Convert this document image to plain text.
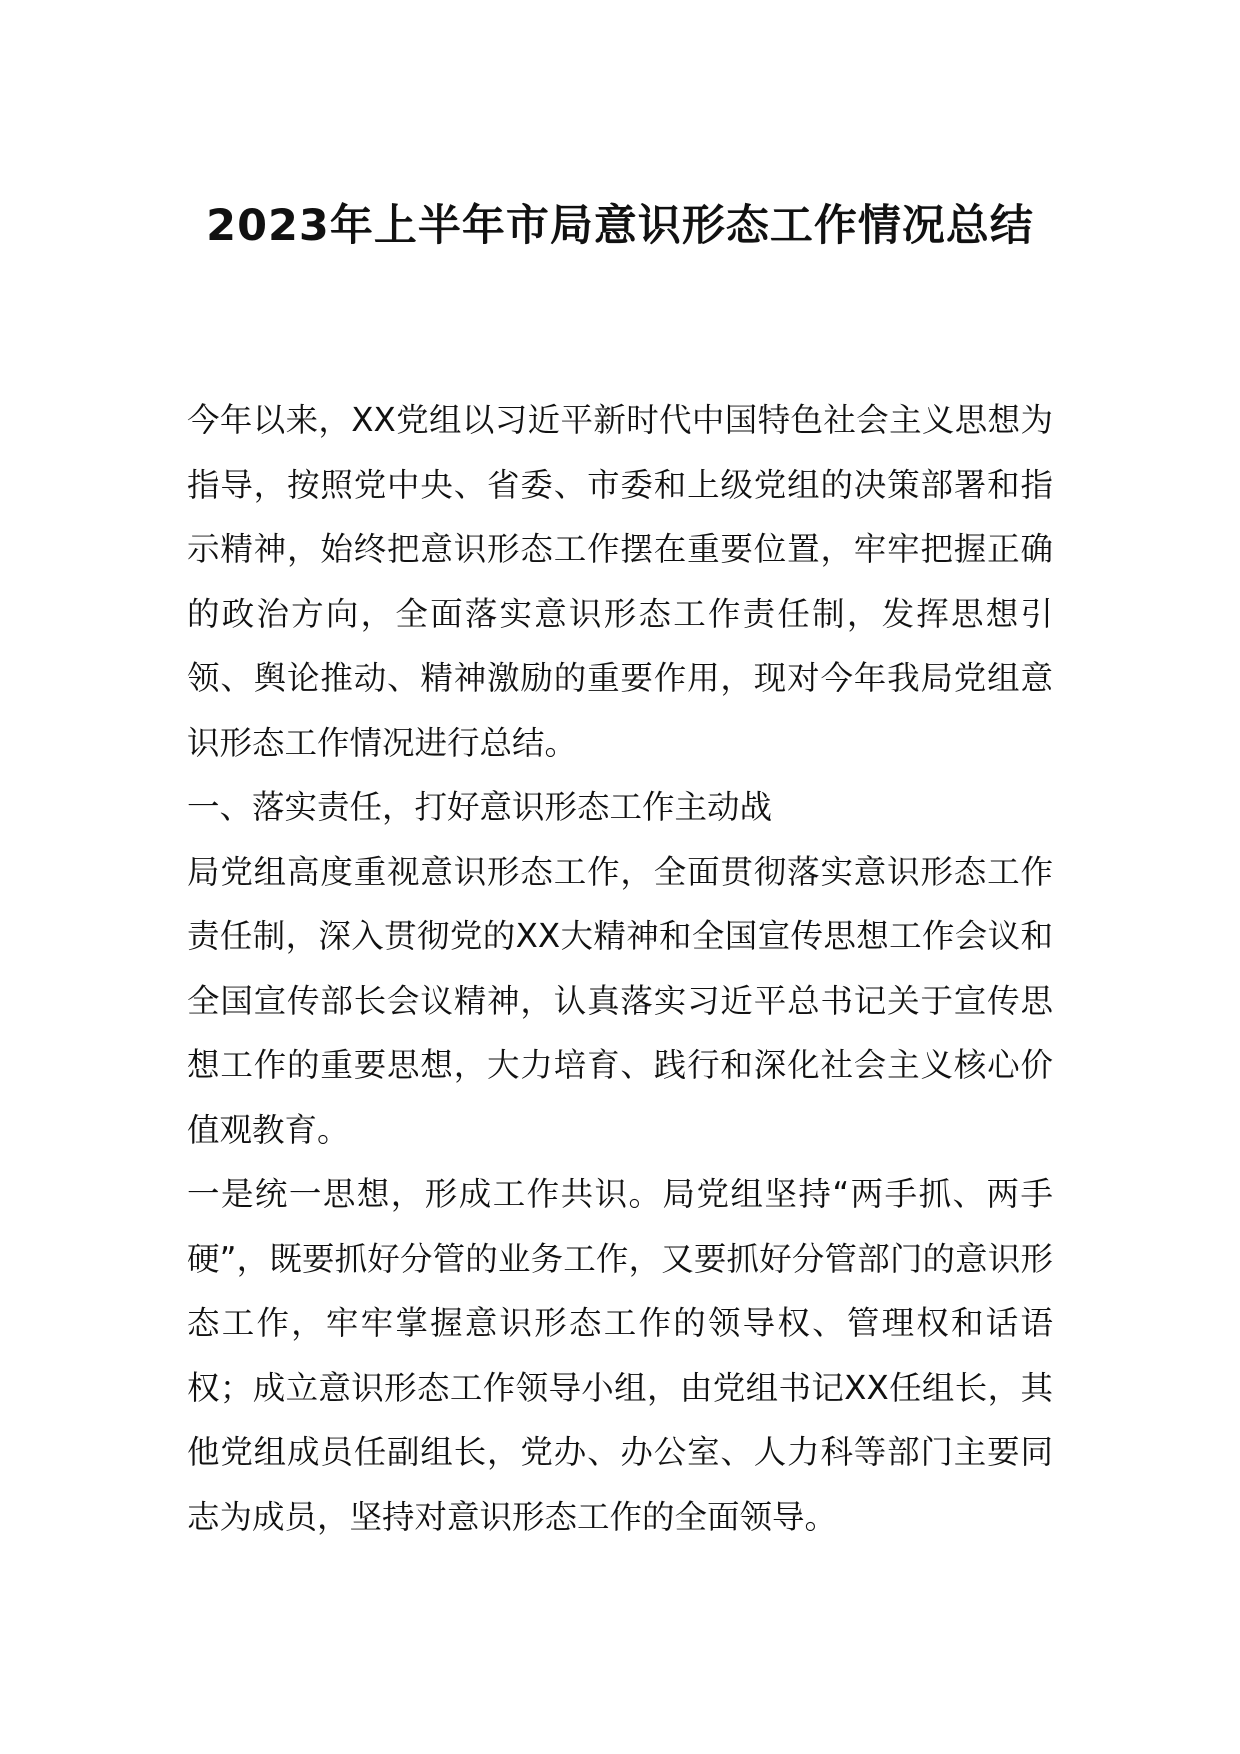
2023年上半年市局意识形态工作情况总结

今年以来，XX党组以习近平新时代中国特色社会主义思想为指导，按照党中央、省委、市委和上级党组的决策部署和指示精神，始终把意识形态工作摆在重要位置，牢牢把握正确的政治方向，全面落实意识形态工作责任制，发挥思想引领、舆论推动、精神激励的重要作用，现对今年我局党组意识形态工作情况进行总结。

一、落实责任，打好意识形态工作主动战

局党组高度重视意识形态工作，全面贯彻落实意识形态工作责任制，深入贯彻党的XX大精神和全国宣传思想工作会议和全国宣传部长会议精神，认真落实习近平总书记关于宣传思想工作的重要思想，大力培育、践行和深化社会主义核心价值观教育。

一是统一思想，形成工作共识。局党组坚持“两手抓、两手硬”，既要抓好分管的业务工作，又要抓好分管部门的意识形态工作，牢牢掌握意识形态工作的领导权、管理权和话语权；成立意识形态工作领导小组，由党组书记XX任组长，其他党组成员任副组长，党办、办公室、人力科等部门主要同志为成员，坚持对意识形态工作的全面领导。
